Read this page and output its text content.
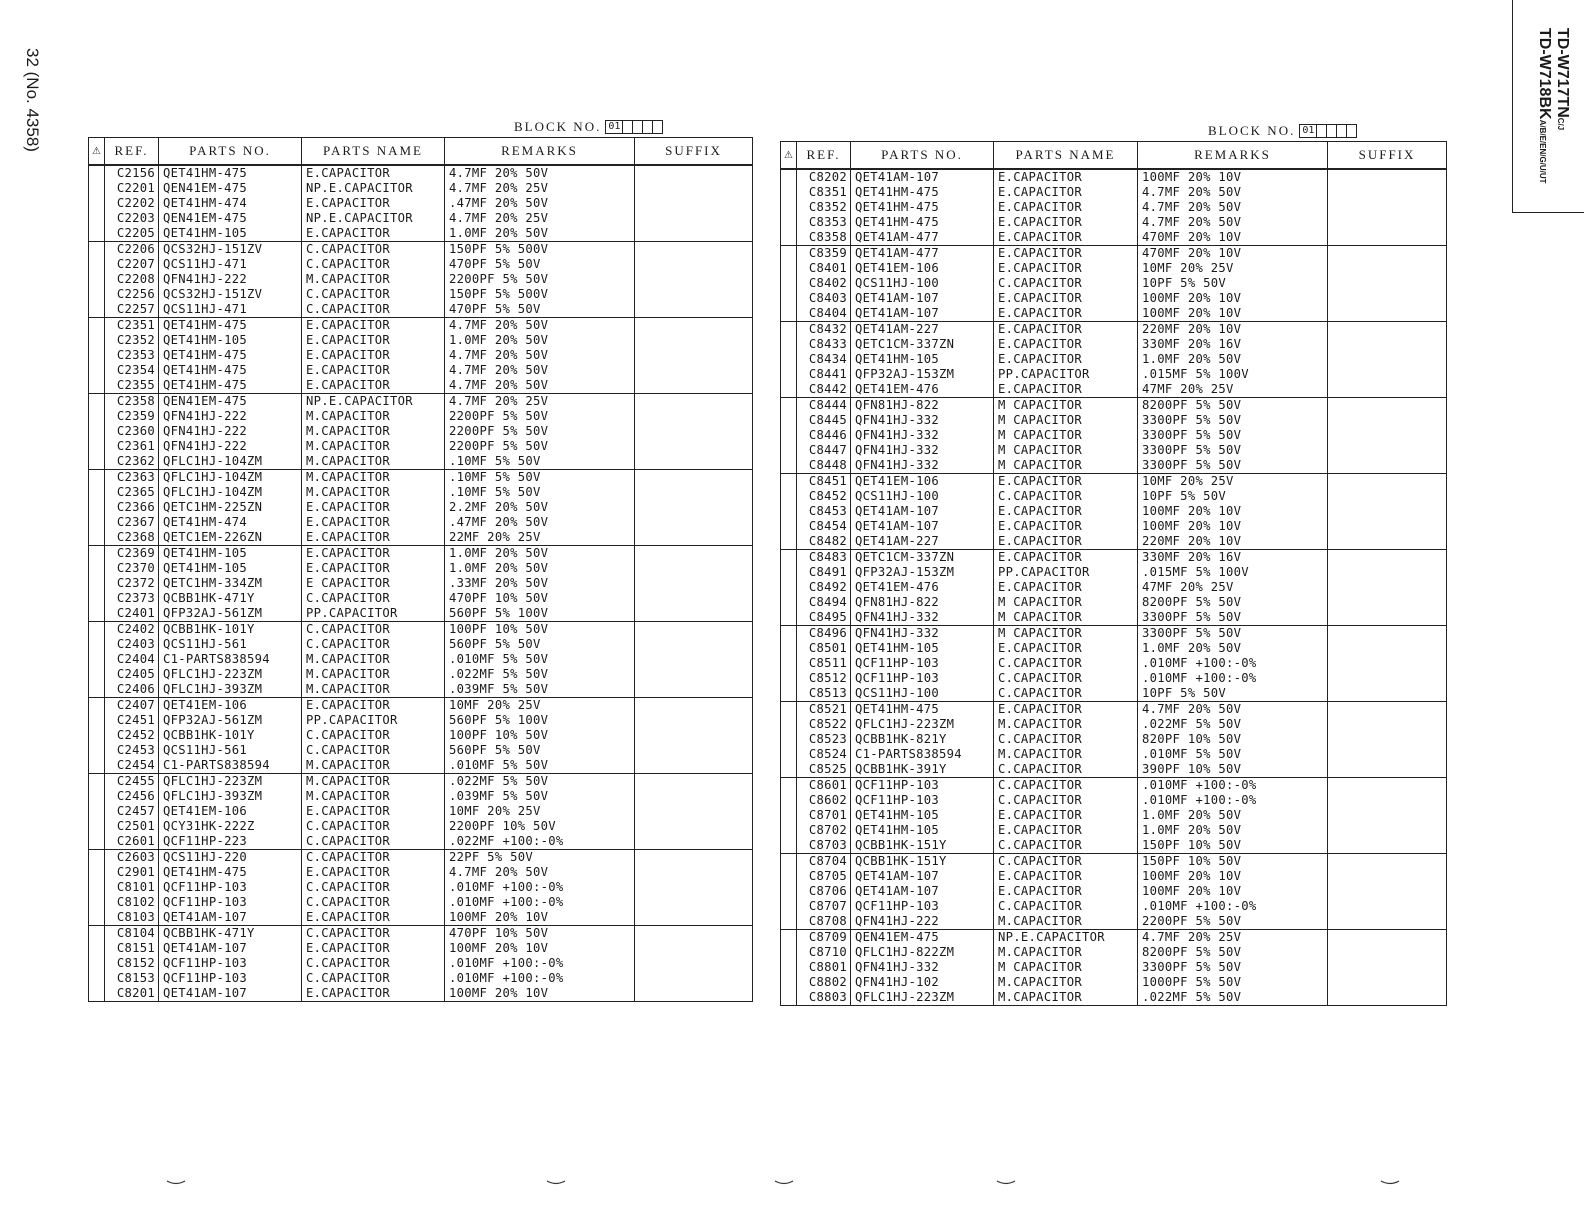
32 (No. 4358)	TD-W717TNC/J
TD-W718BKA/B/E/EN/G/U/UT
BLOCK NO. 01	BLOCK NO. 01
⚠	REF.	PARTS NO.	PARTS NAME	REMARKS	SUFFIX
	C2156	QET41HM-475	E.CAPACITOR	4.7MF 20% 50V	
	C2201	QEN41EM-475	NP.E.CAPACITOR	4.7MF 20% 25V	
	C2202	QET41HM-474	E.CAPACITOR	.47MF 20% 50V	
	C2203	QEN41EM-475	NP.E.CAPACITOR	4.7MF 20% 25V	
	C2205	QET41HM-105	E.CAPACITOR	1.0MF 20% 50V	
	C2206	QCS32HJ-151ZV	C.CAPACITOR	150PF 5% 500V	
	C2207	QCS11HJ-471	C.CAPACITOR	470PF 5% 50V	
	C2208	QFN41HJ-222	M.CAPACITOR	2200PF 5% 50V	
	C2256	QCS32HJ-151ZV	C.CAPACITOR	150PF 5% 500V	
	C2257	QCS11HJ-471	C.CAPACITOR	470PF 5% 50V	
	C2351	QET41HM-475	E.CAPACITOR	4.7MF 20% 50V	
	C2352	QET41HM-105	E.CAPACITOR	1.0MF 20% 50V	
	C2353	QET41HM-475	E.CAPACITOR	4.7MF 20% 50V	
	C2354	QET41HM-475	E.CAPACITOR	4.7MF 20% 50V	
	C2355	QET41HM-475	E.CAPACITOR	4.7MF 20% 50V	
	C2358	QEN41EM-475	NP.E.CAPACITOR	4.7MF 20% 25V	
	C2359	QFN41HJ-222	M.CAPACITOR	2200PF 5% 50V	
	C2360	QFN41HJ-222	M.CAPACITOR	2200PF 5% 50V	
	C2361	QFN41HJ-222	M.CAPACITOR	2200PF 5% 50V	
	C2362	QFLC1HJ-104ZM	M.CAPACITOR	.10MF 5% 50V	
	C2363	QFLC1HJ-104ZM	M.CAPACITOR	.10MF 5% 50V	
	C2365	QFLC1HJ-104ZM	M.CAPACITOR	.10MF 5% 50V	
	C2366	QETC1HM-225ZN	E.CAPACITOR	2.2MF 20% 50V	
	C2367	QET41HM-474	E.CAPACITOR	.47MF 20% 50V	
	C2368	QETC1EM-226ZN	E.CAPACITOR	22MF 20% 25V	
	C2369	QET41HM-105	E.CAPACITOR	1.0MF 20% 50V	
	C2370	QET41HM-105	E.CAPACITOR	1.0MF 20% 50V	
	C2372	QETC1HM-334ZM	E CAPACITOR	.33MF 20% 50V	
	C2373	QCBB1HK-471Y	C.CAPACITOR	470PF 10% 50V	
	C2401	QFP32AJ-561ZM	PP.CAPACITOR	560PF 5% 100V	
	C2402	QCBB1HK-101Y	C.CAPACITOR	100PF 10% 50V	
	C2403	QCS11HJ-561	C.CAPACITOR	560PF 5% 50V	
	C2404	C1-PARTS838594	M.CAPACITOR	.010MF 5% 50V	
	C2405	QFLC1HJ-223ZM	M.CAPACITOR	.022MF 5% 50V	
	C2406	QFLC1HJ-393ZM	M.CAPACITOR	.039MF 5% 50V	
	C2407	QET41EM-106	E.CAPACITOR	10MF 20% 25V	
	C2451	QFP32AJ-561ZM	PP.CAPACITOR	560PF 5% 100V	
	C2452	QCBB1HK-101Y	C.CAPACITOR	100PF 10% 50V	
	C2453	QCS11HJ-561	C.CAPACITOR	560PF 5% 50V	
	C2454	C1-PARTS838594	M.CAPACITOR	.010MF 5% 50V	
	C2455	QFLC1HJ-223ZM	M.CAPACITOR	.022MF 5% 50V	
	C2456	QFLC1HJ-393ZM	M.CAPACITOR	.039MF 5% 50V	
	C2457	QET41EM-106	E.CAPACITOR	10MF 20% 25V	
	C2501	QCY31HK-222Z	C.CAPACITOR	2200PF 10% 50V	
	C2601	QCF11HP-223	C.CAPACITOR	.022MF +100:-0%	
	C2603	QCS11HJ-220	C.CAPACITOR	22PF 5% 50V	
	C2901	QET41HM-475	E.CAPACITOR	4.7MF 20% 50V	
	C8101	QCF11HP-103	C.CAPACITOR	.010MF +100:-0%	
	C8102	QCF11HP-103	C.CAPACITOR	.010MF +100:-0%	
	C8103	QET41AM-107	E.CAPACITOR	100MF 20% 10V	
	C8104	QCBB1HK-471Y	C.CAPACITOR	470PF 10% 50V	
	C8151	QET41AM-107	E.CAPACITOR	100MF 20% 10V	
	C8152	QCF11HP-103	C.CAPACITOR	.010MF +100:-0%	
	C8153	QCF11HP-103	C.CAPACITOR	.010MF +100:-0%	
	C8201	QET41AM-107	E.CAPACITOR	100MF 20% 10V	
⚠	REF.	PARTS NO.	PARTS NAME	REMARKS	SUFFIX
	C8202	QET41AM-107	E.CAPACITOR	100MF 20% 10V	
	C8351	QET41HM-475	E.CAPACITOR	4.7MF 20% 50V	
	C8352	QET41HM-475	E.CAPACITOR	4.7MF 20% 50V	
	C8353	QET41HM-475	E.CAPACITOR	4.7MF 20% 50V	
	C8358	QET41AM-477	E.CAPACITOR	470MF 20% 10V	
	C8359	QET41AM-477	E.CAPACITOR	470MF 20% 10V	
	C8401	QET41EM-106	E.CAPACITOR	10MF 20% 25V	
	C8402	QCS11HJ-100	C.CAPACITOR	10PF 5% 50V	
	C8403	QET41AM-107	E.CAPACITOR	100MF 20% 10V	
	C8404	QET41AM-107	E.CAPACITOR	100MF 20% 10V	
	C8432	QET41AM-227	E.CAPACITOR	220MF 20% 10V	
	C8433	QETC1CM-337ZN	E.CAPACITOR	330MF 20% 16V	
	C8434	QET41HM-105	E.CAPACITOR	1.0MF 20% 50V	
	C8441	QFP32AJ-153ZM	PP.CAPACITOR	.015MF 5% 100V	
	C8442	QET41EM-476	E.CAPACITOR	47MF 20% 25V	
	C8444	QFN81HJ-822	M CAPACITOR	8200PF 5% 50V	
	C8445	QFN41HJ-332	M CAPACITOR	3300PF 5% 50V	
	C8446	QFN41HJ-332	M CAPACITOR	3300PF 5% 50V	
	C8447	QFN41HJ-332	M CAPACITOR	3300PF 5% 50V	
	C8448	QFN41HJ-332	M CAPACITOR	3300PF 5% 50V	
	C8451	QET41EM-106	E.CAPACITOR	10MF 20% 25V	
	C8452	QCS11HJ-100	C.CAPACITOR	10PF 5% 50V	
	C8453	QET41AM-107	E.CAPACITOR	100MF 20% 10V	
	C8454	QET41AM-107	E.CAPACITOR	100MF 20% 10V	
	C8482	QET41AM-227	E.CAPACITOR	220MF 20% 10V	
	C8483	QETC1CM-337ZN	E.CAPACITOR	330MF 20% 16V	
	C8491	QFP32AJ-153ZM	PP.CAPACITOR	.015MF 5% 100V	
	C8492	QET41EM-476	E.CAPACITOR	47MF 20% 25V	
	C8494	QFN81HJ-822	M CAPACITOR	8200PF 5% 50V	
	C8495	QFN41HJ-332	M CAPACITOR	3300PF 5% 50V	
	C8496	QFN41HJ-332	M CAPACITOR	3300PF 5% 50V	
	C8501	QET41HM-105	E.CAPACITOR	1.0MF 20% 50V	
	C8511	QCF11HP-103	C.CAPACITOR	.010MF +100:-0%	
	C8512	QCF11HP-103	C.CAPACITOR	.010MF +100:-0%	
	C8513	QCS11HJ-100	C.CAPACITOR	10PF 5% 50V	
	C8521	QET41HM-475	E.CAPACITOR	4.7MF 20% 50V	
	C8522	QFLC1HJ-223ZM	M.CAPACITOR	.022MF 5% 50V	
	C8523	QCBB1HK-821Y	C.CAPACITOR	820PF 10% 50V	
	C8524	C1-PARTS838594	M.CAPACITOR	.010MF 5% 50V	
	C8525	QCBB1HK-391Y	C.CAPACITOR	390PF 10% 50V	
	C8601	QCF11HP-103	C.CAPACITOR	.010MF +100:-0%	
	C8602	QCF11HP-103	C.CAPACITOR	.010MF +100:-0%	
	C8701	QET41HM-105	E.CAPACITOR	1.0MF 20% 50V	
	C8702	QET41HM-105	E.CAPACITOR	1.0MF 20% 50V	
	C8703	QCBB1HK-151Y	C.CAPACITOR	150PF 10% 50V	
	C8704	QCBB1HK-151Y	C.CAPACITOR	150PF 10% 50V	
	C8705	QET41AM-107	E.CAPACITOR	100MF 20% 10V	
	C8706	QET41AM-107	E.CAPACITOR	100MF 20% 10V	
	C8707	QCF11HP-103	C.CAPACITOR	.010MF +100:-0%	
	C8708	QFN41HJ-222	M.CAPACITOR	2200PF 5% 50V	
	C8709	QEN41EM-475	NP.E.CAPACITOR	4.7MF 20% 25V	
	C8710	QFLC1HJ-822ZM	M.CAPACITOR	8200PF 5% 50V	
	C8801	QFN41HJ-332	M CAPACITOR	3300PF 5% 50V	
	C8802	QFN41HJ-102	M.CAPACITOR	1000PF 5% 50V	
	C8803	QFLC1HJ-223ZM	M.CAPACITOR	.022MF 5% 50V	
